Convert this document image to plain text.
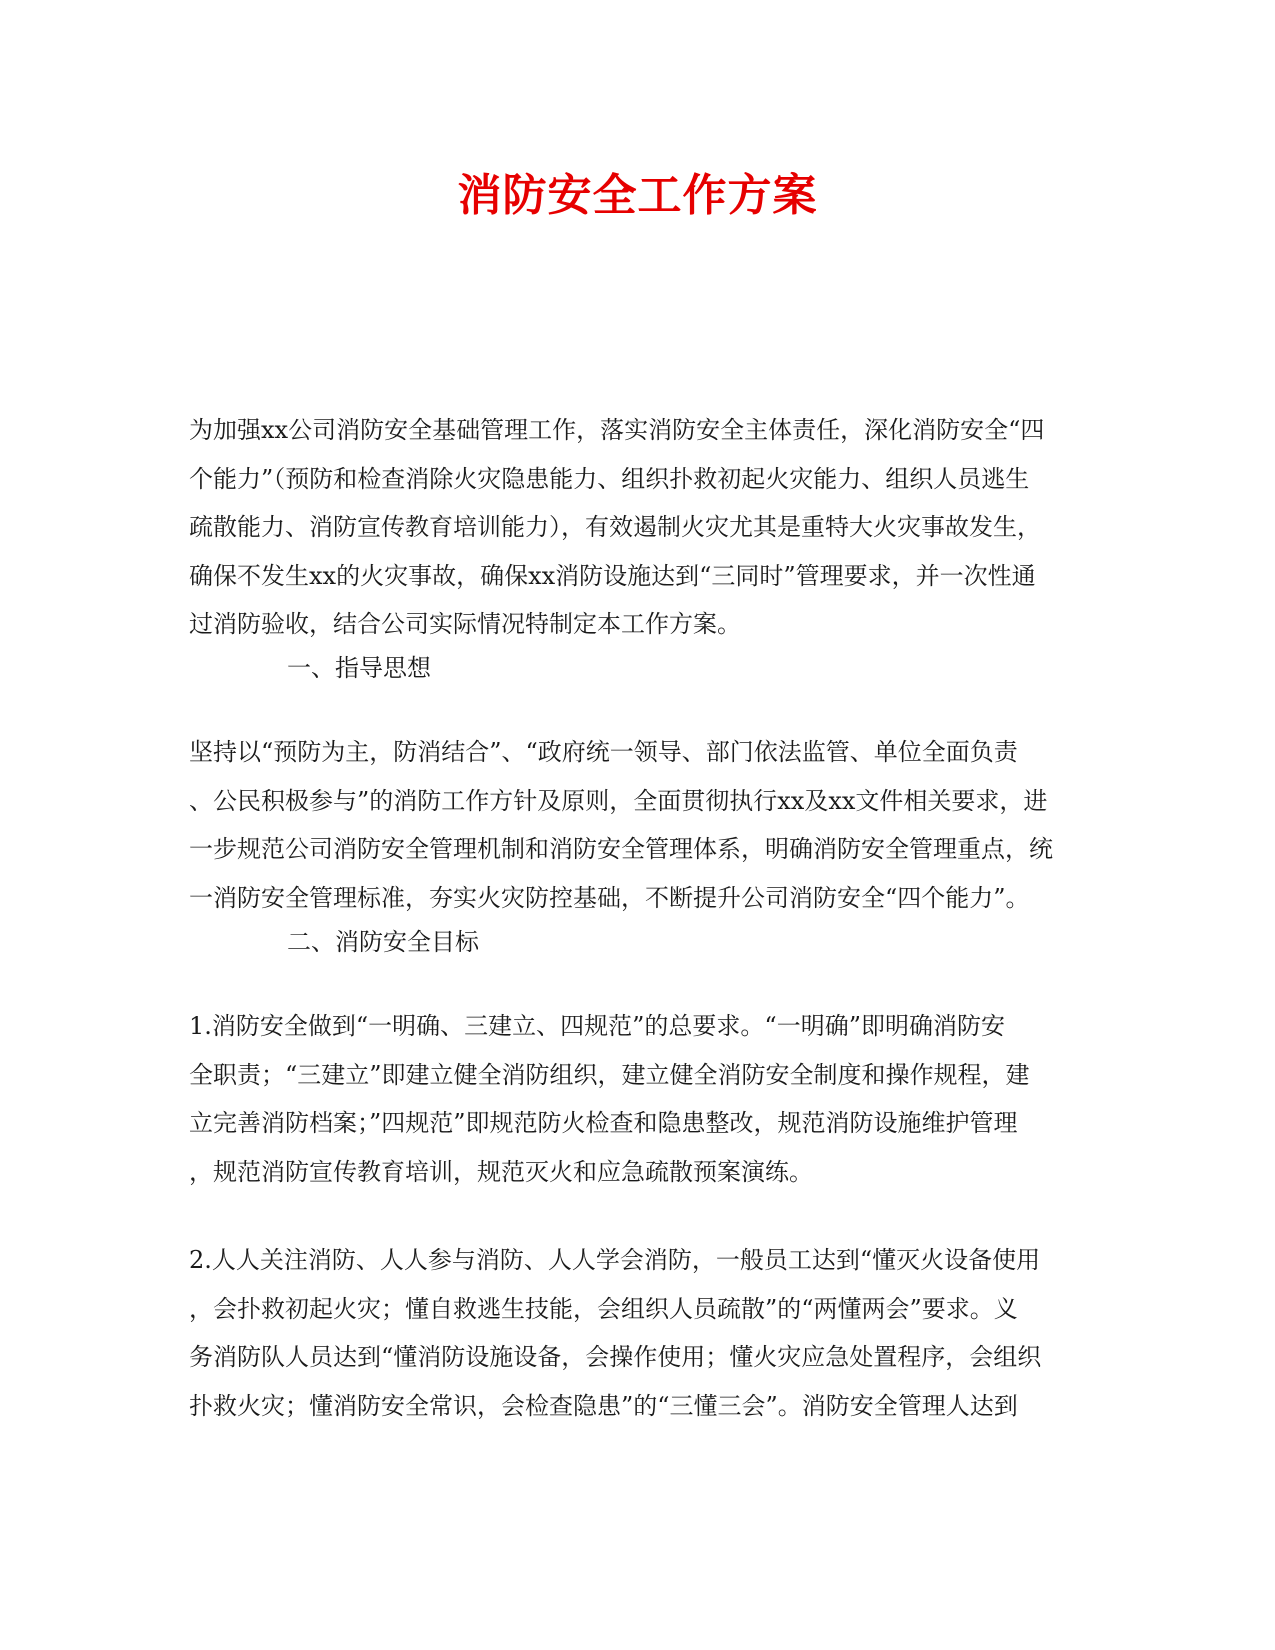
消防安全工作方案
为加强xx公司消防安全基础管理工作，落实消防安全主体责任，深化消防安全“四
个能力”（预防和检查消除火灾隐患能力、组织扑救初起火灾能力、组织人员逃生
疏散能力、消防宣传教育培训能力），有效遏制火灾尤其是重特大火灾事故发生，
确保不发生xx的火灾事故，确保xx消防设施达到“三同时”管理要求，并一次性通
过消防验收，结合公司实际情况特制定本工作方案。
一、指导思想
坚持以“预防为主，防消结合”、“政府统一领导、部门依法监管、单位全面负责
、公民积极参与”的消防工作方针及原则，全面贯彻执行xx及xx文件相关要求，进
一步规范公司消防安全管理机制和消防安全管理体系，明确消防安全管理重点，统
一消防安全管理标准，夯实火灾防控基础，不断提升公司消防安全“四个能力”。
二、消防安全目标
1.消防安全做到“一明确、三建立、四规范”的总要求。“一明确”即明确消防安
全职责；“三建立”即建立健全消防组织，建立健全消防安全制度和操作规程，建
立完善消防档案；”四规范”即规范防火检查和隐患整改，规范消防设施维护管理
，规范消防宣传教育培训，规范灭火和应急疏散预案演练。
2.人人关注消防、人人参与消防、人人学会消防，一般员工达到“懂灭火设备使用
，会扑救初起火灾；懂自救逃生技能，会组织人员疏散”的“两懂两会”要求。义
务消防队人员达到“懂消防设施设备，会操作使用；懂火灾应急处置程序，会组织
扑救火灾；懂消防安全常识，会检查隐患”的“三懂三会”。消防安全管理人达到
